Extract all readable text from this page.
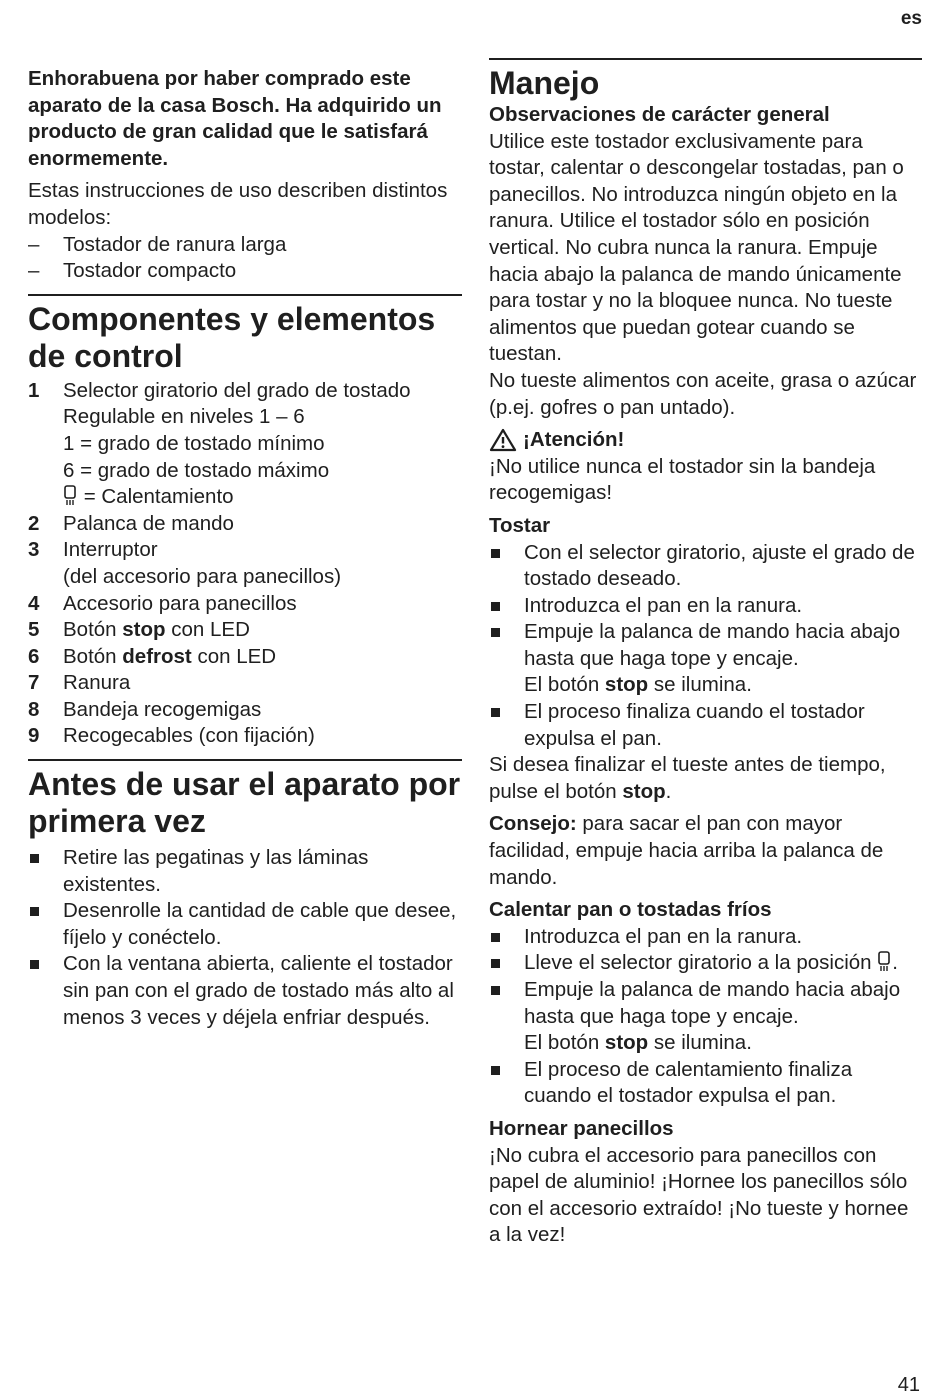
es

Enhorabuena por haber comprado este aparato de la casa Bosch. Ha adquirido un producto de gran calidad que le satisfará enormemente.

Estas instrucciones de uso describen distintos modelos:

– Tostador de ranura larga
– Tostador compacto
Componentes y elementos de control
1 Selector giratorio del grado de tostado
Regulable en niveles 1 – 6
1 = grado de tostado mínimo
6 = grado de tostado máximo
= Calentamiento
2 Palanca de mando
3 Interruptor
(del accesorio para panecillos)
4 Accesorio para panecillos
5 Botón stop con LED
6 Botón defrost con LED
7 Ranura
8 Bandeja recogemigas
9 Recogecables (con fijación)
Antes de usar el aparato por primera vez
Retire las pegatinas y las láminas existentes.
Desenrolle la cantidad de cable que desee, fíjelo y conéctelo.
Con la ventana abierta, caliente el tostador sin pan con el grado de tostado más alto al menos 3 veces y déjela enfriar después.
Manejo
Observaciones de carácter general

Utilice este tostador exclusivamente para tostar, calentar o descongelar tostadas, pan o panecillos. No introduzca ningún objeto en la ranura. Utilice el tostador sólo en posición vertical. No cubra nunca la ranura. Empuje hacia abajo la palanca de mando únicamente para tostar y no la bloquee nunca. No tueste alimentos que puedan gotear cuando se tuestan.

No tueste alimentos con aceite, grasa o azúcar (p.ej. gofres o pan untado).

¡Atención!

¡No utilice nunca el tostador sin la bandeja recogemigas!

Tostar
Con el selector giratorio, ajuste el grado de tostado deseado.
Introduzca el pan en la ranura.
Empuje la palanca de mando hacia abajo hasta que haga tope y encaje.
El botón stop se ilumina.
El proceso finaliza cuando el tostador expulsa el pan.

Si desea finalizar el tueste antes de tiempo, pulse el botón stop.

Consejo: para sacar el pan con mayor facilidad, empuje hacia arriba la palanca de mando.

Calentar pan o tostadas fríos
Introduzca el pan en la ranura.
Lleve el selector giratorio a la posición .
Empuje la palanca de mando hacia abajo hasta que haga tope y encaje.
El botón stop se ilumina.
El proceso de calentamiento finaliza cuando el tostador expulsa el pan.
Hornear panecillos

¡No cubra el accesorio para panecillos con papel de aluminio! ¡Hornee los panecillos sólo con el accesorio extraído! ¡No tueste y hornee a la vez!

41
